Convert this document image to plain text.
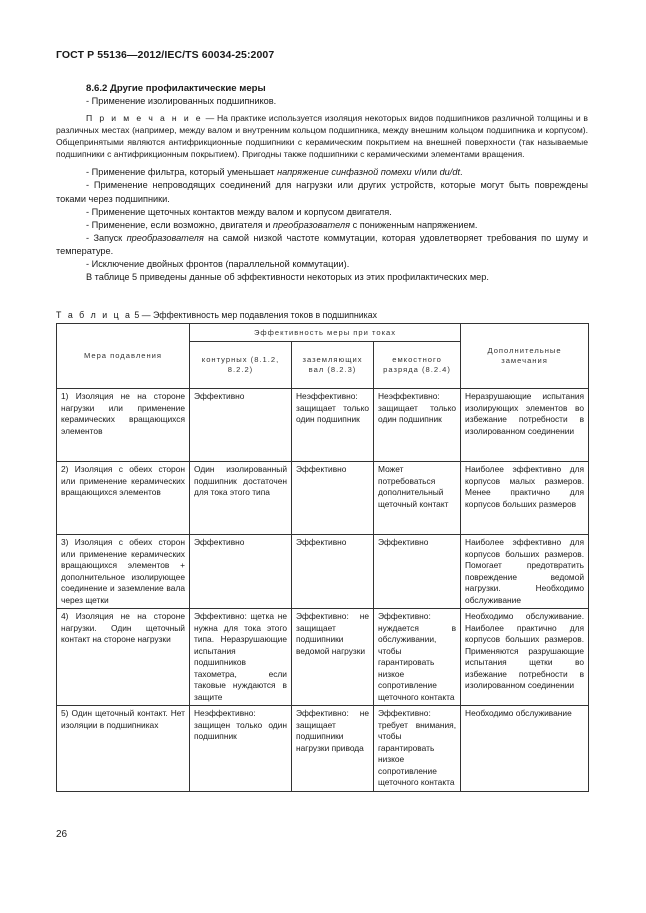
ГОСТ Р 55136—2012/IEC/TS 60034-25:2007

8.6.2 Другие профилактические меры

- Применение изолированных подшипников.

П р и м е ч а н и е — На практике используется изоляция некоторых видов подшипников различной толщины и в различных местах (например, между валом и внутренним кольцом подшипника, между внешним кольцом подшипника и корпусом). Общепринятыми являются антифрикционные подшипники с керамическим покрытием на внешней поверхности (так называемые подшипники с антифрикционным покрытием). Пригодны также подшипники с керамическими элементами вращения.

- Применение фильтра, который уменьшает напряжение синфазной помехи v/или du/dt.

- Применение непроводящих соединений для нагрузки или других устройств, которые могут быть повреждены токами через подшипники.

- Применение щеточных контактов между валом и корпусом двигателя.

- Применение, если возможно, двигателя и преобразователя с пониженным напряжением.

- Запуск преобразователя на самой низкой частоте коммутации, которая удовлетворяет требования по шуму и температуре.

- Исключение двойных фронтов (параллельной коммутации).

В таблице 5 приведены данные об эффективности некоторых из этих профилактических мер.

Т а б л и ц а 5 — Эффективность мер подавления токов в подшипниках
Мера подавления	Эффективность меры при токах			Дополнительные замечания
	контурных (8.1.2, 8.2.2)	заземляющих вал (8.2.3)	емкостного разряда (8.2.4)	
1) Изоляция не на стороне нагрузки или применение керамических вращающихся элементов	Эффективно	Неэффективно: защищает только один подшипник	Неэффективно: защищает только один подшипник	Неразрушающие испытания изолирующих элементов во избежание потребности в изолированном соединении
2) Изоляция с обеих сторон или применение керамических вращающихся элементов	Один изолированный подшипник достаточен для тока этого типа	Эффективно	Может потребоваться дополнительный щеточный контакт	Наиболее эффективно для корпусов малых размеров. Менее практично для корпусов больших размеров
3) Изоляция с обеих сторон или применение керамических вращающихся элементов + дополнительное изолирующее соединение и заземление вала через щетки	Эффективно	Эффективно	Эффективно	Наиболее эффективно для корпусов больших размеров. Помогает предотвратить повреждение ведомой нагрузки. Необходимо обслуживание
4) Изоляция не на стороне нагрузки. Один щеточный контакт на стороне нагрузки	Эффективно: щетка не нужна для тока этого типа. Неразрушающие испытания подшипников тахометра, если таковые нуждаются в защите	Эффективно: не защищает подшипники ведомой нагрузки	Эффективно: нуждается в обслуживании, чтобы гарантировать низкое сопротивление щеточного контакта	Необходимо обслуживание. Наиболее практично для корпусов больших размеров. Применяются разрушающие испытания щетки во избежание потребности в изолированном соединении
5) Один щеточный контакт. Нет изоляции в подшипниках	Неэффективно: защищен только один подшипник	Эффективно: не защищает подшипники нагрузки привода	Эффективно: требует внимания, чтобы гарантировать низкое сопротивление щеточного контакта	Необходимо обслуживание
26
